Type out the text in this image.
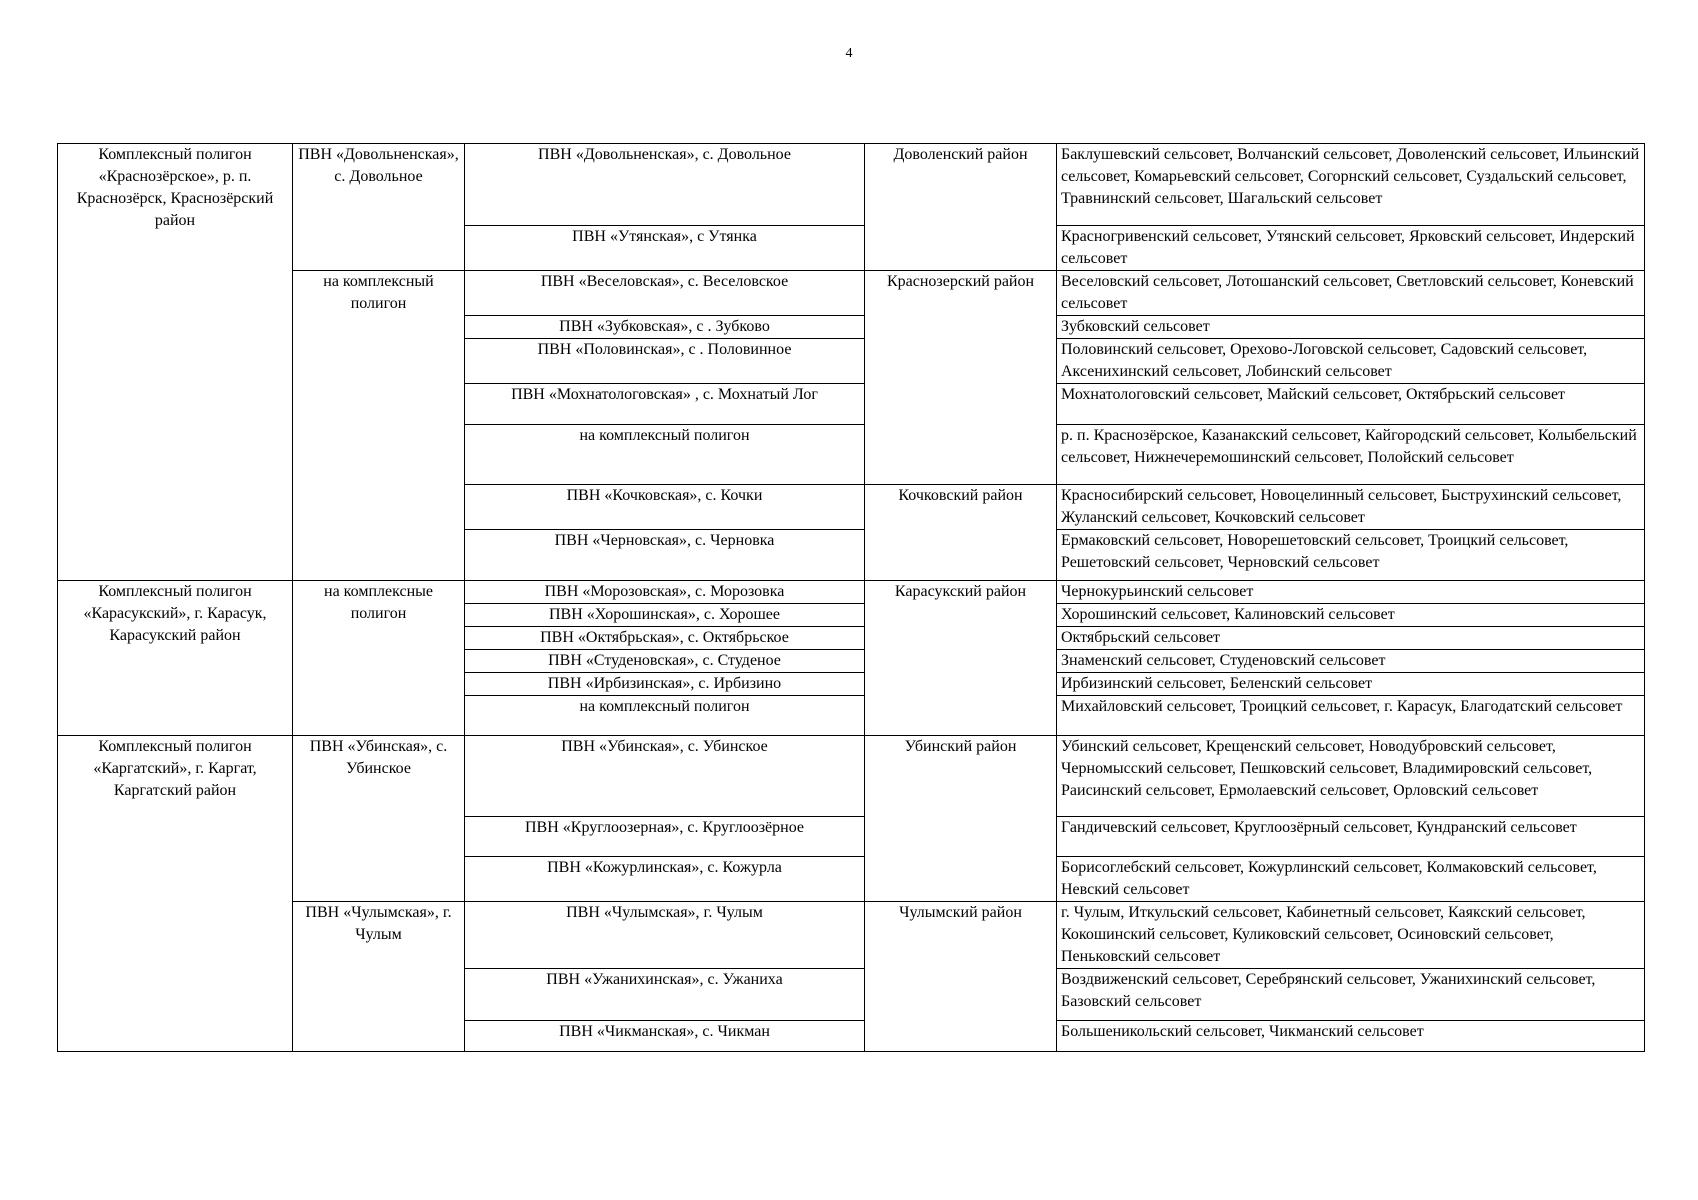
4
Комплексный полигон «Краснозёрское», р. п. Краснозёрск, Краснозёрский район	ПВН «Довольненская», с. Довольное	ПВН «Довольненская», с. Довольное	Доволенский район	Баклушевский сельсовет, Волчанский сельсовет, Доволенский сельсовет, Ильинский сельсовет, Комарьевский сельсовет, Согорнский сельсовет, Суздальский сельсовет, Травнинский сельсовет, Шагальский сельсовет
		ПВН «Утянская», с Утянка		Красногривенский сельсовет, Утянский сельсовет, Ярковский сельсовет, Индерский сельсовет
	на комплексный полигон	ПВН «Веселовская», с. Веселовское	Краснозерский район	Веселовский сельсовет, Лотошанский сельсовет, Светловский сельсовет, Коневский сельсовет
		ПВН «Зубковская», с . Зубково		Зубковский сельсовет
		ПВН «Половинская», с . Половинное		Половинский сельсовет, Орехово-Логовской сельсовет, Садовский сельсовет, Аксенихинский сельсовет, Лобинский сельсовет
		ПВН «Мохнатологовская» , с. Мохнатый Лог		Мохнатологовский сельсовет, Майский сельсовет, Октябрьский сельсовет
		на комплексный полигон		р. п. Краснозёрское, Казанакский сельсовет, Кайгородский сельсовет, Колыбельский сельсовет, Нижнечеремошинский сельсовет, Полойский сельсовет
		ПВН «Кочковская», с. Кочки	Кочковский район	Красносибирский сельсовет, Новоцелинный сельсовет, Быструхинский сельсовет, Жуланский сельсовет, Кочковский сельсовет
		ПВН «Черновская», с. Черновка		Ермаковский сельсовет, Новорешетовский сельсовет, Троицкий сельсовет, Решетовский сельсовет, Черновский сельсовет
Комплексный полигон «Карасукский», г. Карасук, Карасукский район	на комплексные полигон	ПВН «Морозовская», с. Морозовка	Карасукский район	Чернокурьинский сельсовет
		ПВН «Хорошинская», с. Хорошее		Хорошинский сельсовет, Калиновский сельсовет
		ПВН «Октябрьская», с. Октябрьское		Октябрьский сельсовет
		ПВН «Студеновская», с. Студеное		Знаменский сельсовет, Студеновский сельсовет
		ПВН «Ирбизинская», с. Ирбизино		Ирбизинский сельсовет, Беленский сельсовет
		на комплексный полигон		Михайловский сельсовет, Троицкий сельсовет, г. Карасук, Благодатский сельсовет
Комплексный полигон «Каргатский», г. Каргат, Каргатский район	ПВН «Убинская», с. Убинское	ПВН «Убинская», с. Убинское	Убинский район	Убинский сельсовет, Крещенский сельсовет, Новодубровский сельсовет, Черномысский сельсовет, Пешковский сельсовет, Владимировский сельсовет, Раисинский сельсовет, Ермолаевский сельсовет, Орловский сельсовет
		ПВН «Круглоозерная», с. Круглоозёрное		Гандичевский сельсовет, Круглоозёрный сельсовет, Кундранский сельсовет
		ПВН «Кожурлинская», с. Кожурла		Борисоглебский сельсовет, Кожурлинский сельсовет, Колмаковский сельсовет, Невский сельсовет
	ПВН «Чулымская», г. Чулым	ПВН «Чулымская», г. Чулым	Чулымский район	г. Чулым, Иткульский сельсовет, Кабинетный сельсовет, Каякский сельсовет, Кокошинский сельсовет, Куликовский сельсовет, Осиновский сельсовет, Пеньковский сельсовет
		ПВН «Ужанихинская», с. Ужаниха		Воздвиженский сельсовет, Серебрянский сельсовет, Ужанихинский сельсовет, Базовский сельсовет
		ПВН «Чикманская», с. Чикман		Большеникольский сельсовет, Чикманский сельсовет
